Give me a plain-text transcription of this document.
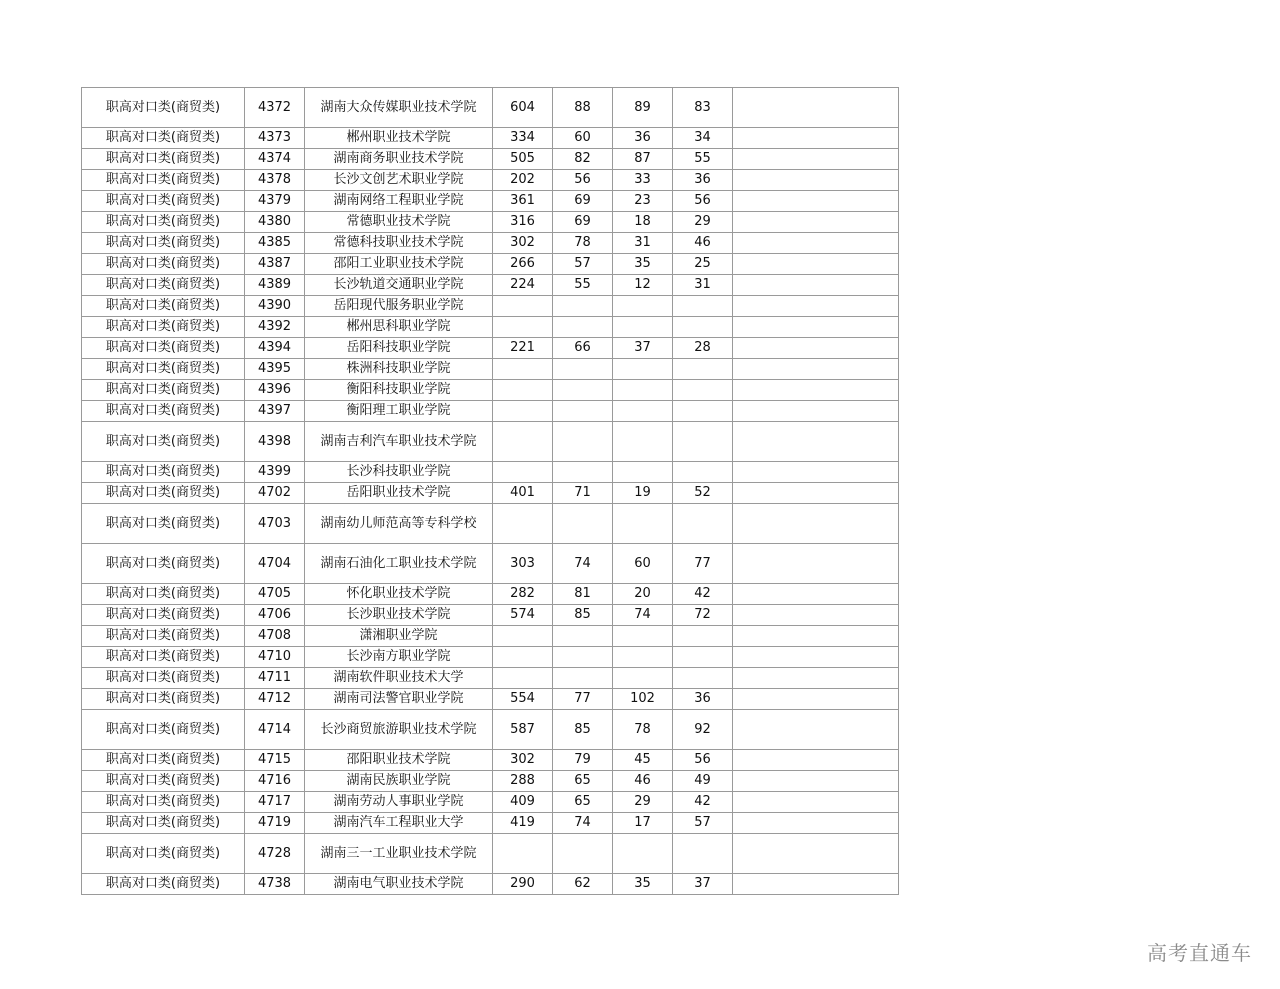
职高对口类(商贸类)	4372	湖南大众传媒职业技术学院	604	88	89	83	
职高对口类(商贸类)	4373	郴州职业技术学院	334	60	36	34	
职高对口类(商贸类)	4374	湖南商务职业技术学院	505	82	87	55	
职高对口类(商贸类)	4378	长沙文创艺术职业学院	202	56	33	36	
职高对口类(商贸类)	4379	湖南网络工程职业学院	361	69	23	56	
职高对口类(商贸类)	4380	常德职业技术学院	316	69	18	29	
职高对口类(商贸类)	4385	常德科技职业技术学院	302	78	31	46	
职高对口类(商贸类)	4387	邵阳工业职业技术学院	266	57	35	25	
职高对口类(商贸类)	4389	长沙轨道交通职业学院	224	55	12	31	
职高对口类(商贸类)	4390	岳阳现代服务职业学院					
职高对口类(商贸类)	4392	郴州思科职业学院					
职高对口类(商贸类)	4394	岳阳科技职业学院	221	66	37	28	
职高对口类(商贸类)	4395	株洲科技职业学院					
职高对口类(商贸类)	4396	衡阳科技职业学院					
职高对口类(商贸类)	4397	衡阳理工职业学院					
职高对口类(商贸类)	4398	湖南吉利汽车职业技术学院					
职高对口类(商贸类)	4399	长沙科技职业学院					
职高对口类(商贸类)	4702	岳阳职业技术学院	401	71	19	52	
职高对口类(商贸类)	4703	湖南幼儿师范高等专科学校					
职高对口类(商贸类)	4704	湖南石油化工职业技术学院	303	74	60	77	
职高对口类(商贸类)	4705	怀化职业技术学院	282	81	20	42	
职高对口类(商贸类)	4706	长沙职业技术学院	574	85	74	72	
职高对口类(商贸类)	4708	潇湘职业学院					
职高对口类(商贸类)	4710	长沙南方职业学院					
职高对口类(商贸类)	4711	湖南软件职业技术大学					
职高对口类(商贸类)	4712	湖南司法警官职业学院	554	77	102	36	
职高对口类(商贸类)	4714	长沙商贸旅游职业技术学院	587	85	78	92	
职高对口类(商贸类)	4715	邵阳职业技术学院	302	79	45	56	
职高对口类(商贸类)	4716	湖南民族职业学院	288	65	46	49	
职高对口类(商贸类)	4717	湖南劳动人事职业学院	409	65	29	42	
职高对口类(商贸类)	4719	湖南汽车工程职业大学	419	74	17	57	
职高对口类(商贸类)	4728	湖南三一工业职业技术学院					
职高对口类(商贸类)	4738	湖南电气职业技术学院	290	62	35	37	
高考直通车
